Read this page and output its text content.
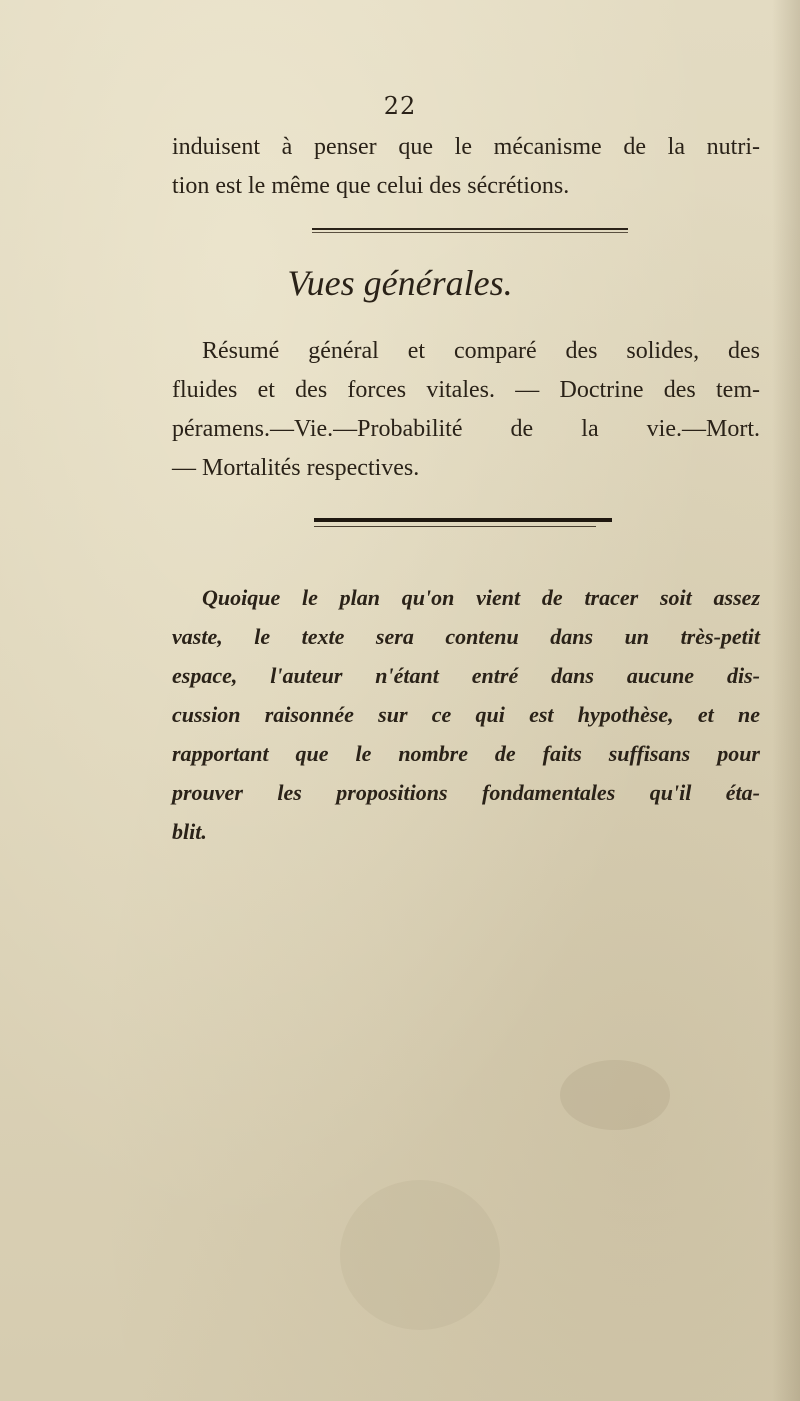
22
induisent à penser que le mécanisme de la nutri-
tion est le même que celui des sécrétions.
Vues générales.
Résumé général et comparé des solides, des
fluides et des forces vitales. — Doctrine des tem-
péramens.—Vie.—Probabilité de la vie.—Mort.
— Mortalités respectives.
Quoique le plan qu'on vient de tracer soit assez
vaste, le texte sera contenu dans un très-petit
espace, l'auteur n'étant entré dans aucune dis-
cussion raisonnée sur ce qui est hypothèse, et ne
rapportant que le nombre de faits suffisans pour
prouver les propositions fondamentales qu'il éta-
blit.
